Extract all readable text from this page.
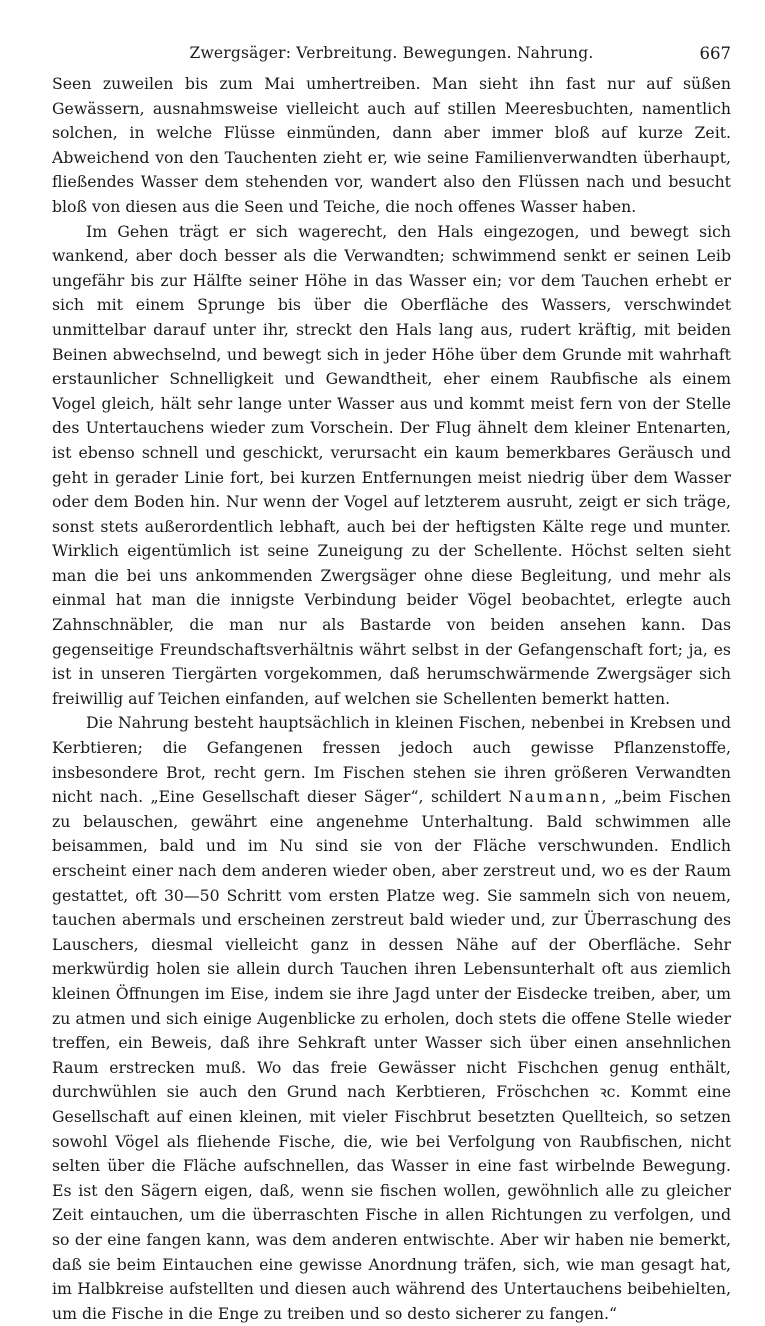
Zwergsäger: Verbreitung. Bewegungen. Nahrung.	667

Seen zuweilen bis zum Mai umhertreiben. Man sieht ihn fast nur auf süßen Gewässern, ausnahmsweise vielleicht auch auf stillen Meeresbuchten, namentlich solchen, in welche Flüsse einmünden, dann aber immer bloß auf kurze Zeit. Abweichend von den Tauchenten zieht er, wie seine Familienverwandten überhaupt, fließendes Wasser dem stehenden vor, wandert also den Flüssen nach und besucht bloß von diesen aus die Seen und Teiche, die noch offenes Wasser haben.

Im Gehen trägt er sich wagerecht, den Hals eingezogen, und bewegt sich wankend, aber doch besser als die Verwandten; schwimmend senkt er seinen Leib ungefähr bis zur Hälfte seiner Höhe in das Wasser ein; vor dem Tauchen erhebt er sich mit einem Sprunge bis über die Oberfläche des Wassers, verschwindet unmittelbar darauf unter ihr, streckt den Hals lang aus, rudert kräftig, mit beiden Beinen abwechselnd, und bewegt sich in jeder Höhe über dem Grunde mit wahrhaft erstaunlicher Schnelligkeit und Gewandtheit, eher einem Raubfische als einem Vogel gleich, hält sehr lange unter Wasser aus und kommt meist fern von der Stelle des Untertauchens wieder zum Vorschein. Der Flug ähnelt dem kleiner Entenarten, ist ebenso schnell und geschickt, verursacht ein kaum bemerkbares Geräusch und geht in gerader Linie fort, bei kurzen Entfernungen meist niedrig über dem Wasser oder dem Boden hin. Nur wenn der Vogel auf letzterem ausruht, zeigt er sich träge, sonst stets außerordentlich lebhaft, auch bei der heftigsten Kälte rege und munter. Wirklich eigentümlich ist seine Zuneigung zu der Schellente. Höchst selten sieht man die bei uns ankommenden Zwergsäger ohne diese Begleitung, und mehr als einmal hat man die innigste Verbindung beider Vögel beobachtet, erlegte auch Zahnschnäbler, die man nur als Bastarde von beiden ansehen kann. Das gegenseitige Freundschaftsverhältnis währt selbst in der Gefangenschaft fort; ja, es ist in unseren Tiergärten vorgekommen, daß herumschwärmende Zwergsäger sich freiwillig auf Teichen einfanden, auf welchen sie Schellenten bemerkt hatten.

Die Nahrung besteht hauptsächlich in kleinen Fischen, nebenbei in Krebsen und Kerbtieren; die Gefangenen fressen jedoch auch gewisse Pflanzenstoffe, insbesondere Brot, recht gern. Im Fischen stehen sie ihren größeren Verwandten nicht nach. „Eine Gesellschaft dieser Säger“, schildert Naumann, „beim Fischen zu belauschen, gewährt eine angenehme Unterhaltung. Bald schwimmen alle beisammen, bald und im Nu sind sie von der Fläche verschwunden. Endlich erscheint einer nach dem anderen wieder oben, aber zerstreut und, wo es der Raum gestattet, oft 30—50 Schritt vom ersten Platze weg. Sie sammeln sich von neuem, tauchen abermals und erscheinen zerstreut bald wieder und, zur Überraschung des Lauschers, diesmal vielleicht ganz in dessen Nähe auf der Oberfläche. Sehr merkwürdig holen sie allein durch Tauchen ihren Lebensunterhalt oft aus ziemlich kleinen Öffnungen im Eise, indem sie ihre Jagd unter der Eisdecke treiben, aber, um zu atmen und sich einige Augenblicke zu erholen, doch stets die offene Stelle wieder treffen, ein Beweis, daß ihre Sehkraft unter Wasser sich über einen ansehnlichen Raum erstrecken muß. Wo das freie Gewässer nicht Fischchen genug enthält, durchwühlen sie auch den Grund nach Kerbtieren, Fröschchen ꝛc. Kommt eine Gesellschaft auf einen kleinen, mit vieler Fischbrut besetzten Quellteich, so setzen sowohl Vögel als fliehende Fische, die, wie bei Verfolgung von Raubfischen, nicht selten über die Fläche aufschnellen, das Wasser in eine fast wirbelnde Bewegung. Es ist den Sägern eigen, daß, wenn sie fischen wollen, gewöhnlich alle zu gleicher Zeit eintauchen, um die überraschten Fische in allen Richtungen zu verfolgen, und so der eine fangen kann, was dem anderen entwischte. Aber wir haben nie bemerkt, daß sie beim Eintauchen eine gewisse Anordnung träfen, sich, wie man gesagt hat, im Halbkreise aufstellten und diesen auch während des Untertauchens beibehielten, um die Fische in die Enge zu treiben und so desto sicherer zu fangen.“
